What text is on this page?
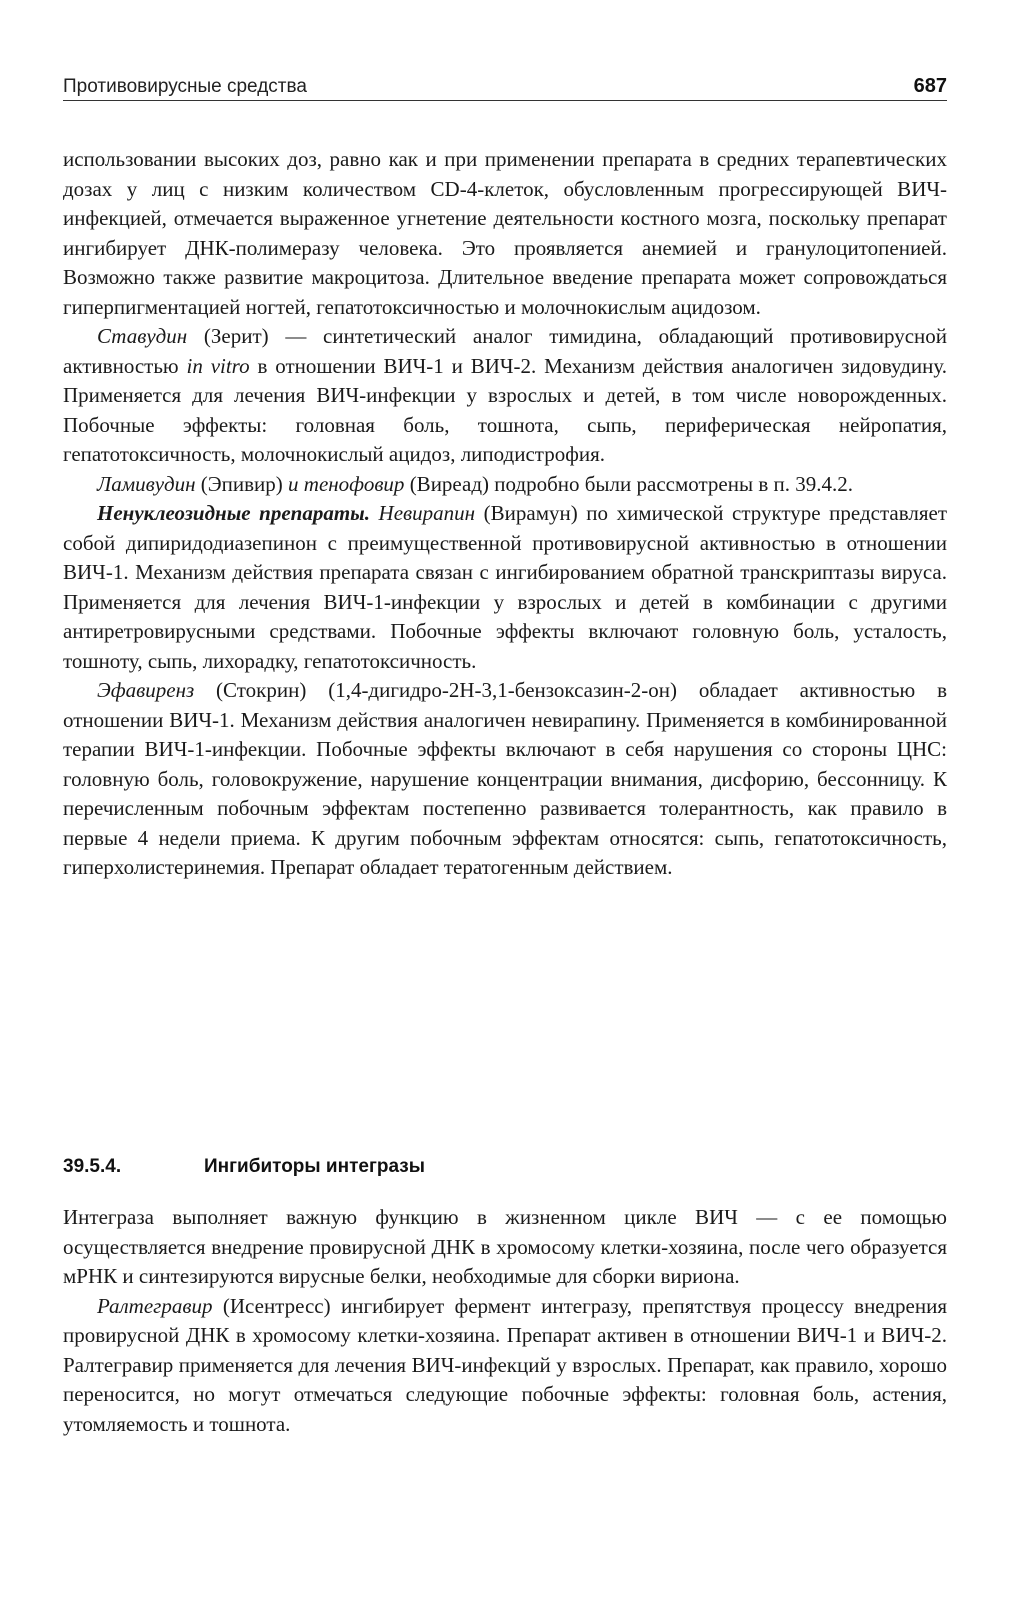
Противовирусные средства	687

использовании высоких доз, равно как и при применении препарата в средних терапевтических дозах у лиц с низким количеством CD-4-клеток, обусловленным прогрессирующей ВИЧ-инфекцией, отмечается выраженное угнетение деятельности костного мозга, поскольку препарат ингибирует ДНК-полимеразу человека. Это проявляется анемией и гранулоцитопенией. Возможно также развитие макроцитоза. Длительное введение препарата может сопровождаться гиперпигментацией ногтей, гепатотоксичностью и молочнокислым ацидозом.

Ставудин (Зерит) — синтетический аналог тимидина, обладающий противовирусной активностью in vitro в отношении ВИЧ-1 и ВИЧ-2. Механизм действия аналогичен зидовудину. Применяется для лечения ВИЧ-инфекции у взрослых и детей, в том числе новорожденных. Побочные эффекты: головная боль, тошнота, сыпь, периферическая нейропатия, гепатотоксичность, молочнокислый ацидоз, липодистрофия.

Ламивудин (Эпивир) и тенофовир (Виреад) подробно были рассмотрены в п. 39.4.2.

Ненуклеозидные препараты. Невирапин (Вирамун) по химической структуре представляет собой дипиридодиазепинон с преимущественной противовирусной активностью в отношении ВИЧ-1. Механизм действия препарата связан с ингибированием обратной транскриптазы вируса. Применяется для лечения ВИЧ-1-инфекции у взрослых и детей в комбинации с другими антиретровирусными средствами. Побочные эффекты включают головную боль, усталость, тошноту, сыпь, лихорадку, гепатотоксичность.

Эфавиренз (Стокрин) (1,4-дигидро-2Н-3,1-бензоксазин-2-он) обладает активностью в отношении ВИЧ-1. Механизм действия аналогичен невирапину. Применяется в комбинированной терапии ВИЧ-1-инфекции. Побочные эффекты включают в себя нарушения со стороны ЦНС: головную боль, головокружение, нарушение концентрации внимания, дисфорию, бессонницу. К перечисленным побочным эффектам постепенно развивается толерантность, как правило в первые 4 недели приема. К другим побочным эффектам относятся: сыпь, гепатотоксичность, гиперхолистеринемия. Препарат обладает тератогенным действием.

39.5.4.	Ингибиторы интегразы

Интеграза выполняет важную функцию в жизненном цикле ВИЧ — с ее помощью осуществляется внедрение провирусной ДНК в хромосому клетки-хозяина, после чего образуется мРНК и синтезируются вирусные белки, необходимые для сборки вириона.

Ралтегравир (Исентресс) ингибирует фермент интегразу, препятствуя процессу внедрения провирусной ДНК в хромосому клетки-хозяина. Препарат активен в отношении ВИЧ-1 и ВИЧ-2. Ралтегравир применяется для лечения ВИЧ-инфекций у взрослых. Препарат, как правило, хорошо переносится, но могут отмечаться следующие побочные эффекты: головная боль, астения, утомляемость и тошнота.
